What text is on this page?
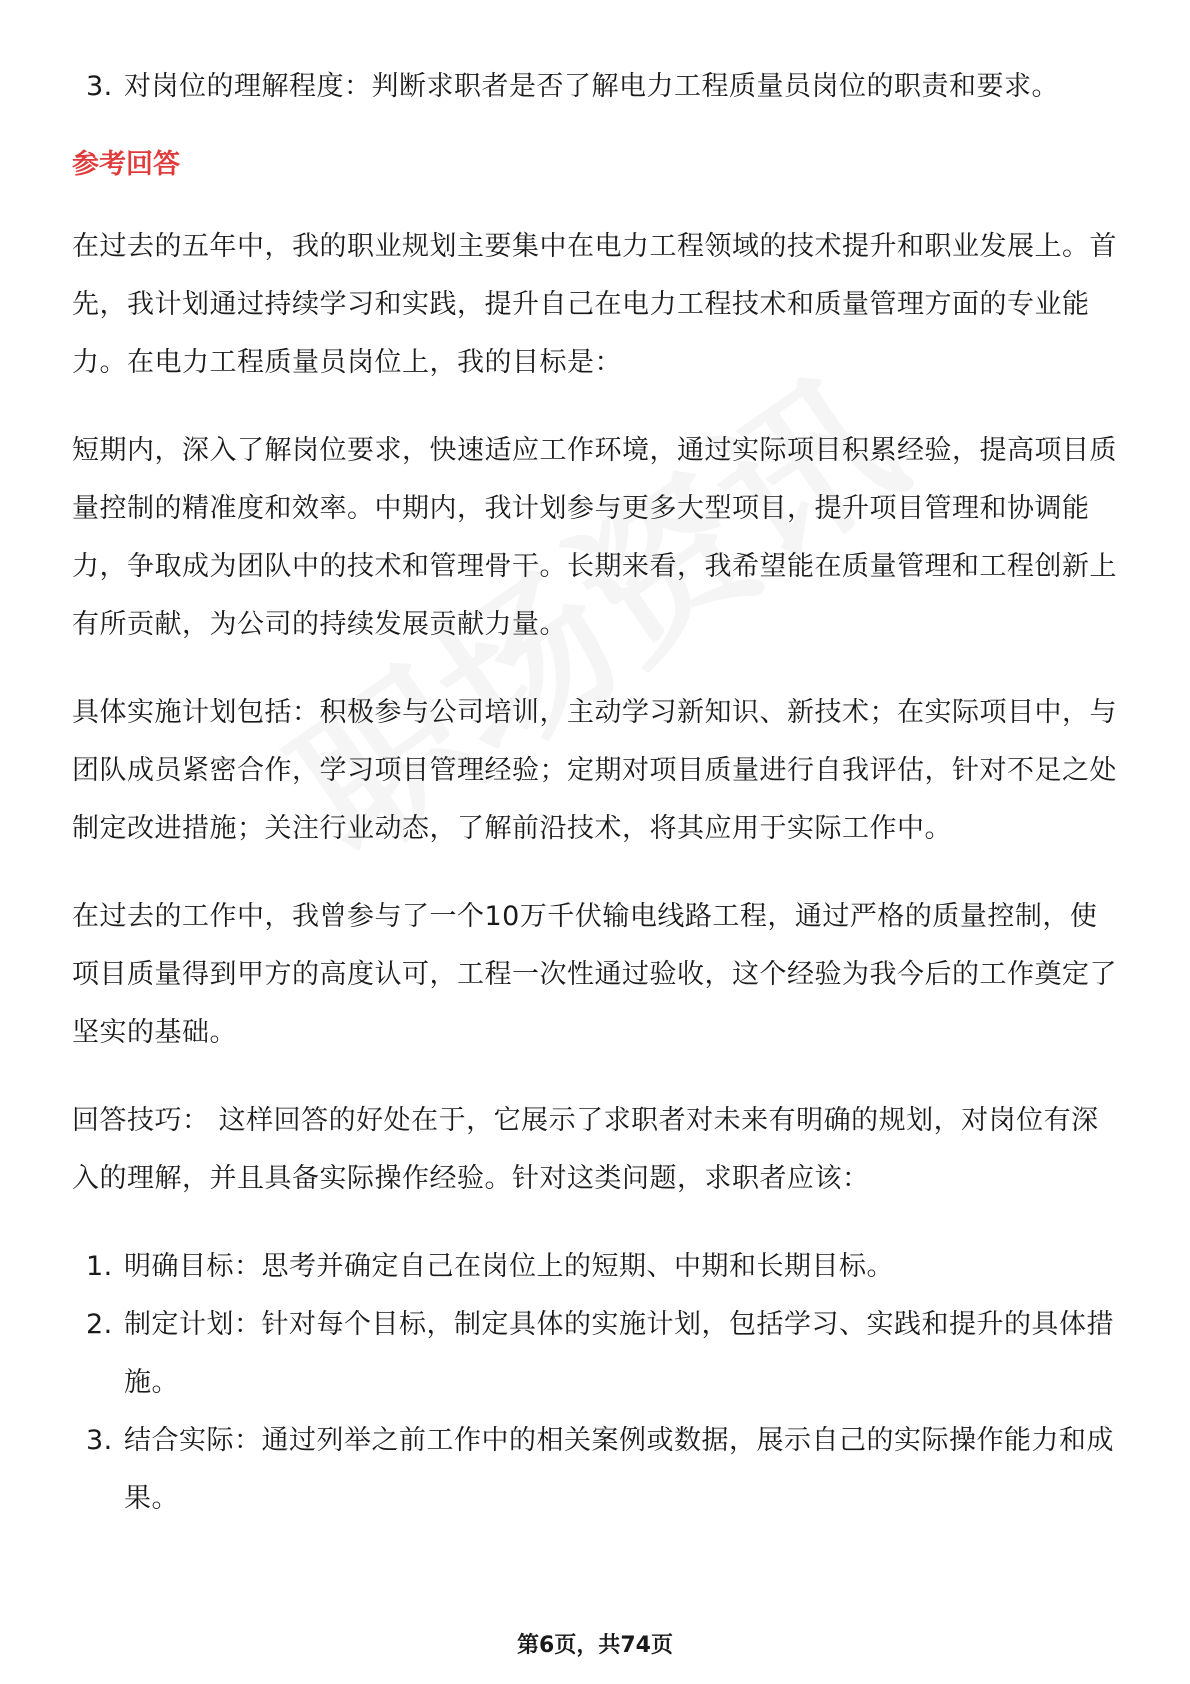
3. 对岗位的理解程度：判断求职者是否了解电力工程质量员岗位的职责和要求。
参考回答

在过去的五年中，我的职业规划主要集中在电力工程领域的技术提升和职业发展上。首先，我计划通过持续学习和实践，提升自己在电力工程技术和质量管理方面的专业能力。在电力工程质量员岗位上，我的目标是：

短期内，深入了解岗位要求，快速适应工作环境，通过实际项目积累经验，提高项目质量控制的精准度和效率。中期内，我计划参与更多大型项目，提升项目管理和协调能力，争取成为团队中的技术和管理骨干。长期来看，我希望能在质量管理和工程创新上有所贡献，为公司的持续发展贡献力量。

具体实施计划包括：积极参与公司培训，主动学习新知识、新技术；在实际项目中，与团队成员紧密合作，学习项目管理经验；定期对项目质量进行自我评估，针对不足之处制定改进措施；关注行业动态，了解前沿技术，将其应用于实际工作中。

在过去的工作中，我曾参与了一个10万千伏输电线路工程，通过严格的质量控制，使项目质量得到甲方的高度认可，工程一次性通过验收，这个经验为我今后的工作奠定了坚实的基础。

回答技巧： 这样回答的好处在于，它展示了求职者对未来有明确的规划，对岗位有深入的理解，并且具备实际操作经验。针对这类问题，求职者应该：

1. 明确目标：思考并确定自己在岗位上的短期、中期和长期目标。
2. 制定计划：针对每个目标，制定具体的实施计划，包括学习、实践和提升的具体措施。
3. 结合实际：通过列举之前工作中的相关案例或数据，展示自己的实际操作能力和成果。
第6页，共74页
